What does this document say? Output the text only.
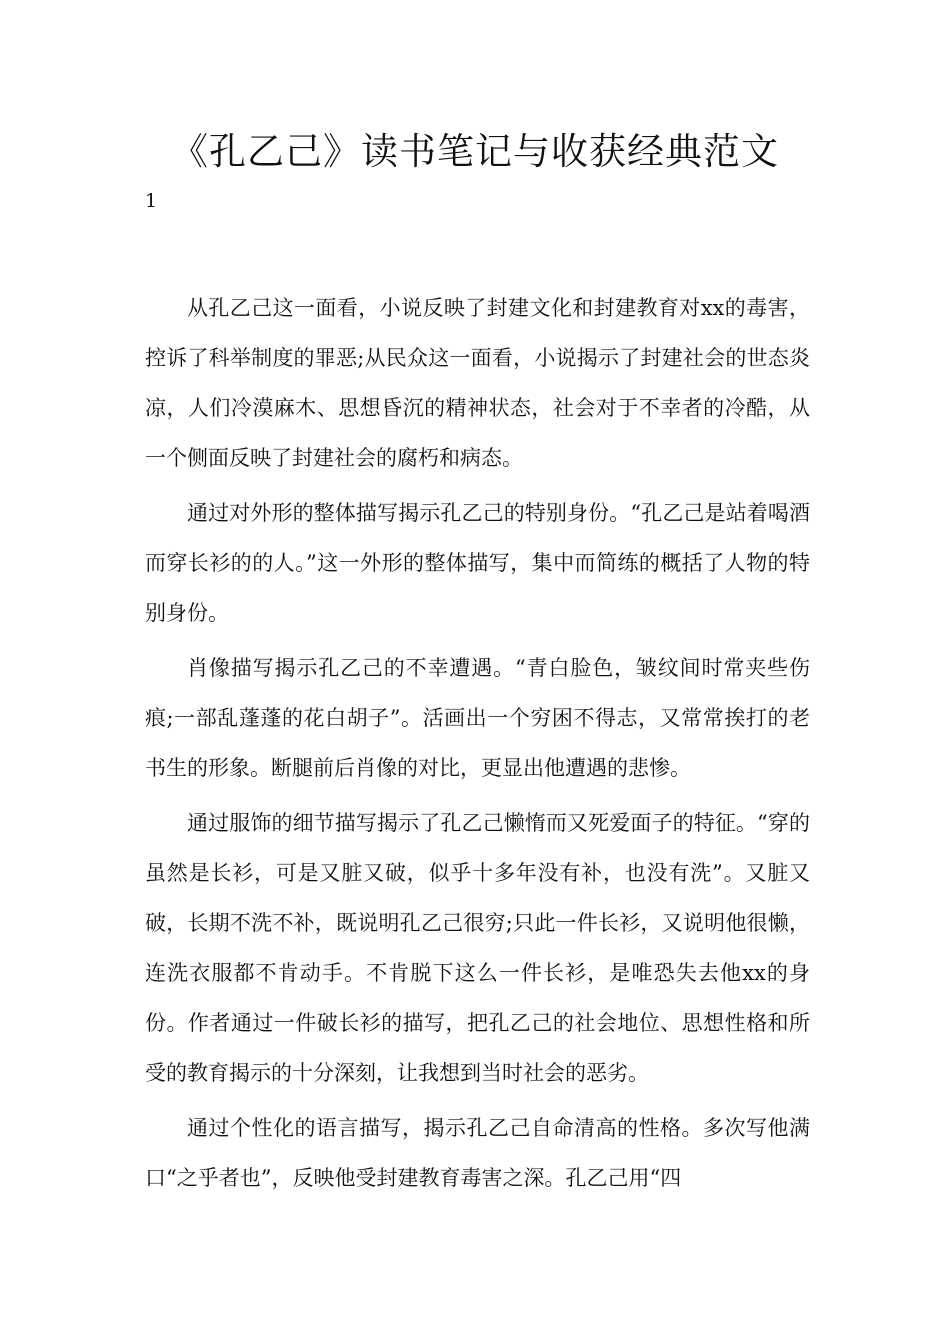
《孔乙己》读书笔记与收获经典范文
1

从孔乙己这一面看，小说反映了封建文化和封建教育对xx的毒害，控诉了科举制度的罪恶;从民众这一面看，小说揭示了封建社会的世态炎凉，人们冷漠麻木、思想昏沉的精神状态，社会对于不幸者的冷酷，从一个侧面反映了封建社会的腐朽和病态。

通过对外形的整体描写揭示孔乙己的特别身份。“孔乙己是站着喝酒而穿长衫的的人。”这一外形的整体描写，集中而简练的概括了人物的特别身份。

肖像描写揭示孔乙己的不幸遭遇。“青白脸色，皱纹间时常夹些伤痕;一部乱蓬蓬的花白胡子”。活画出一个穷困不得志，又常常挨打的老书生的形象。断腿前后肖像的对比，更显出他遭遇的悲惨。

通过服饰的细节描写揭示了孔乙己懒惰而又死爱面子的特征。“穿的虽然是长衫，可是又脏又破，似乎十多年没有补，也没有洗”。又脏又破，长期不洗不补，既说明孔乙己很穷;只此一件长衫，又说明他很懒，连洗衣服都不肯动手。不肯脱下这么一件长衫，是唯恐失去他xx的身份。作者通过一件破长衫的描写，把孔乙己的社会地位、思想性格和所受的教育揭示的十分深刻，让我想到当时社会的恶劣。

通过个性化的语言描写，揭示孔乙己自命清高的性格。多次写他满口“之乎者也”，反映他受封建教育毒害之深。孔乙己用“四
